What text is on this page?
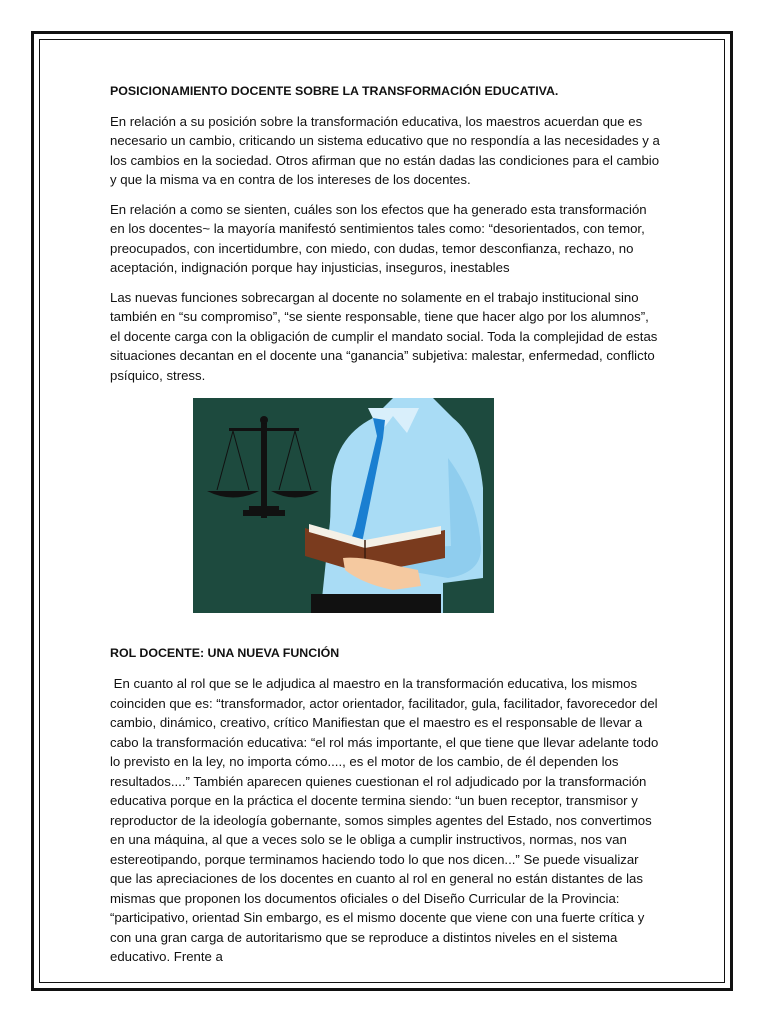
POSICIONAMIENTO DOCENTE SOBRE LA TRANSFORMACIÓN EDUCATIVA.

En relación a su posición sobre la transformación educativa, los maestros acuerdan que es necesario un cambio, criticando un sistema educativo que no respondía a las necesidades y a los cambios en la sociedad. Otros afirman que no están dadas las condiciones para el cambio y que la misma va en contra de los intereses de los docentes.

En relación a como se sienten, cuáles son los efectos que ha generado esta transformación en los docentes~ la mayoría manifestó sentimientos tales como: “desorientados, con temor, preocupados, con incertidumbre, con miedo, con dudas, temor desconfianza, rechazo, no aceptación, indignación porque hay injusticias, inseguros, inestables

Las nuevas funciones sobrecargan al docente no solamente en el trabajo institucional sino también en “su compromiso”, “se siente responsable, tiene que hacer algo por los alumnos”, el docente carga con la obligación de cumplir el mandato social. Toda la complejidad de estas situaciones decantan en el docente una “ganancia” subjetiva: malestar, enfermedad, conflicto psíquico, stress.

ROL DOCENTE: UNA NUEVA FUNCIÓN

En cuanto al rol que se le adjudica al maestro en la transformación educativa, los mismos coinciden que es: “transformador, actor orientador, facilitador, gula, facilitador, favorecedor del cambio, dinámico, creativo, crítico Manifiestan que el maestro es el responsable de llevar a cabo la transformación educativa: “el rol más importante, el que tiene que llevar adelante todo lo previsto en la ley, no importa cómo...., es el motor de los cambio, de él dependen los resultados....” También aparecen quienes cuestionan el rol adjudicado por la transformación educativa porque en la práctica el docente termina siendo: “un buen receptor, transmisor y reproductor de la ideología gobernante, somos simples agentes del Estado, nos convertimos en una máquina, al que a veces solo se le obliga a cumplir instructivos, normas, nos van estereotipando, porque terminamos haciendo todo lo que nos dicen...” Se puede visualizar que las apreciaciones de los docentes en cuanto al rol en general no están distantes de las mismas que proponen los documentos oficiales o del Diseño Curricular de la Provincia: “participativo, orientad Sin embargo, es el mismo docente que viene con una fuerte crítica y con una gran carga de autoritarismo que se reproduce a distintos niveles en el sistema educativo. Frente a
